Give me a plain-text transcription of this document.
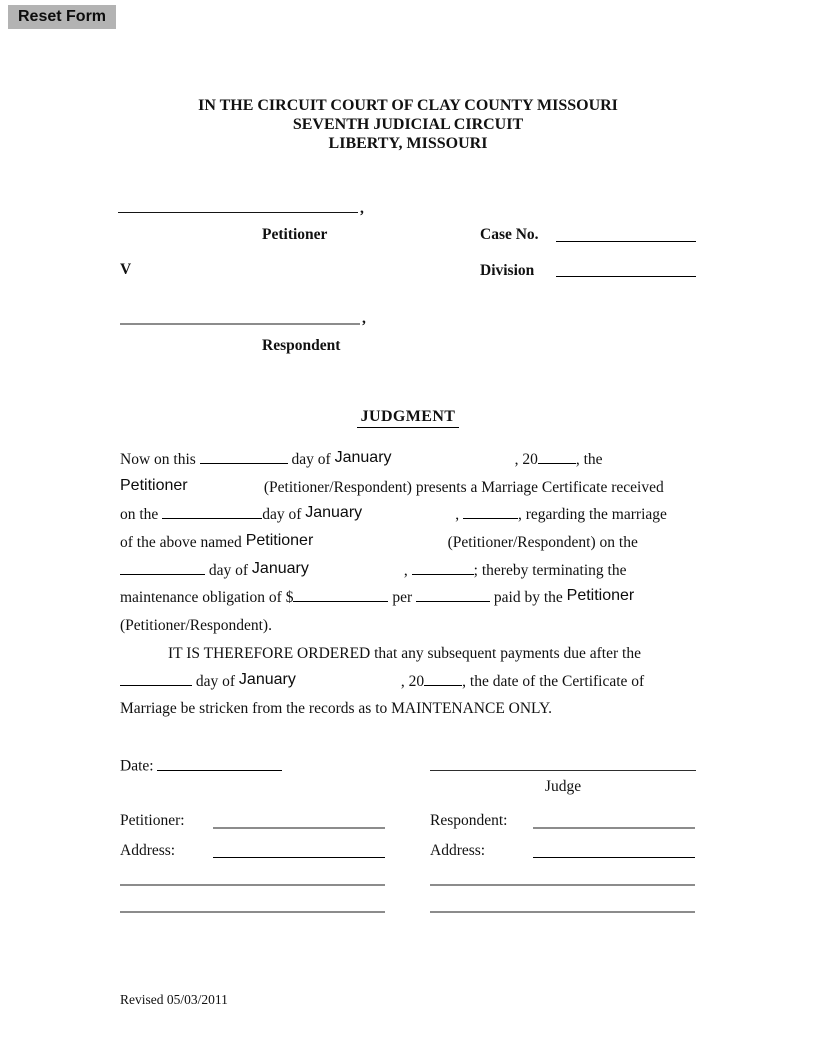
Reset Form
IN THE CIRCUIT COURT OF CLAY COUNTY MISSOURI
SEVENTH JUDICIAL CIRCUIT
LIBERTY, MISSOURI
,
Petitioner	Case No.
V	Division
,
Respondent
JUDGMENT
Now on this	day of January	, 20 , the
Petitioner	(Petitioner/Respondent) presents a Marriage Certificate received
on the	day of January	,	, regarding the marriage
of the above named Petitioner	(Petitioner/Respondent) on the
day of January	,	; thereby terminating the
maintenance obligation of $	per	paid by the Petitioner
(Petitioner/Respondent).
IT IS THEREFORE ORDERED that any subsequent payments due after the
day of January	, 20 , the date of the Certificate of
Marriage be stricken from the records as to MAINTENANCE ONLY.
Date:
Judge
Petitioner:	Respondent:
Address:	Address:
Revised 05/03/2011
